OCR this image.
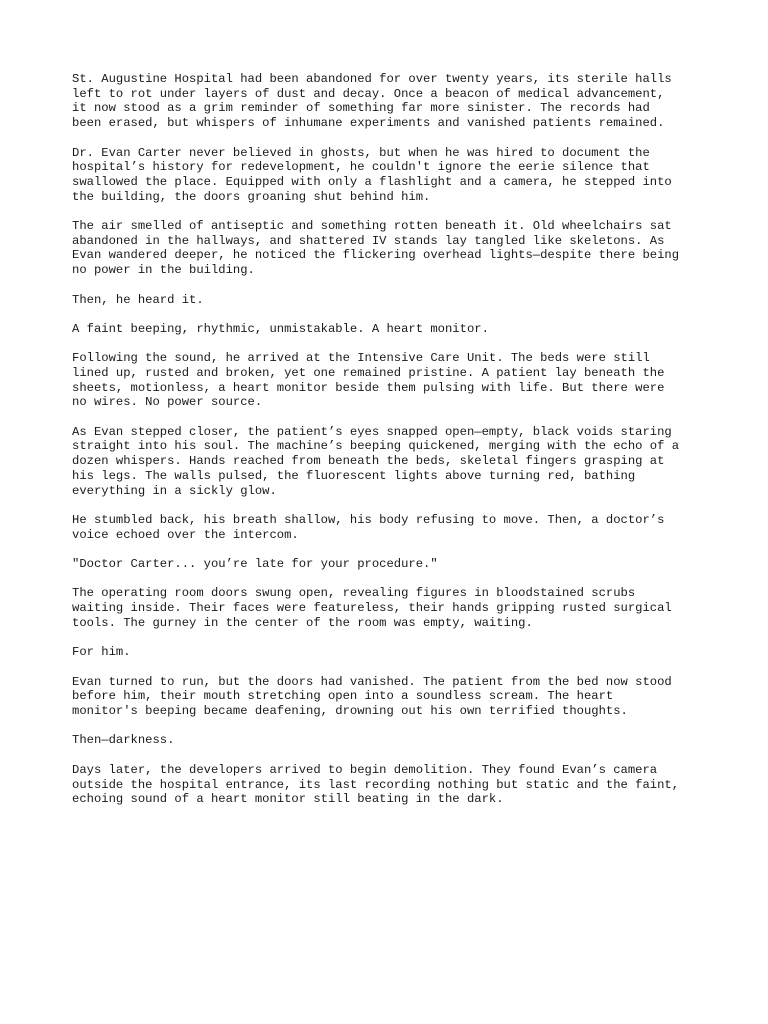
St. Augustine Hospital had been abandoned for over twenty years, its sterile halls
left to rot under layers of dust and decay. Once a beacon of medical advancement,
it now stood as a grim reminder of something far more sinister. The records had
been erased, but whispers of inhumane experiments and vanished patients remained.

Dr. Evan Carter never believed in ghosts, but when he was hired to document the
hospital’s history for redevelopment, he couldn't ignore the eerie silence that
swallowed the place. Equipped with only a flashlight and a camera, he stepped into
the building, the doors groaning shut behind him.

The air smelled of antiseptic and something rotten beneath it. Old wheelchairs sat
abandoned in the hallways, and shattered IV stands lay tangled like skeletons. As
Evan wandered deeper, he noticed the flickering overhead lights—despite there being
no power in the building.

Then, he heard it.

A faint beeping, rhythmic, unmistakable. A heart monitor.

Following the sound, he arrived at the Intensive Care Unit. The beds were still
lined up, rusted and broken, yet one remained pristine. A patient lay beneath the
sheets, motionless, a heart monitor beside them pulsing with life. But there were
no wires. No power source.

As Evan stepped closer, the patient’s eyes snapped open—empty, black voids staring
straight into his soul. The machine’s beeping quickened, merging with the echo of a
dozen whispers. Hands reached from beneath the beds, skeletal fingers grasping at
his legs. The walls pulsed, the fluorescent lights above turning red, bathing
everything in a sickly glow.

He stumbled back, his breath shallow, his body refusing to move. Then, a doctor’s
voice echoed over the intercom.

"Doctor Carter... you’re late for your procedure."

The operating room doors swung open, revealing figures in bloodstained scrubs
waiting inside. Their faces were featureless, their hands gripping rusted surgical
tools. The gurney in the center of the room was empty, waiting.

For him.

Evan turned to run, but the doors had vanished. The patient from the bed now stood
before him, their mouth stretching open into a soundless scream. The heart
monitor's beeping became deafening, drowning out his own terrified thoughts.

Then—darkness.

Days later, the developers arrived to begin demolition. They found Evan’s camera
outside the hospital entrance, its last recording nothing but static and the faint,
echoing sound of a heart monitor still beating in the dark.
